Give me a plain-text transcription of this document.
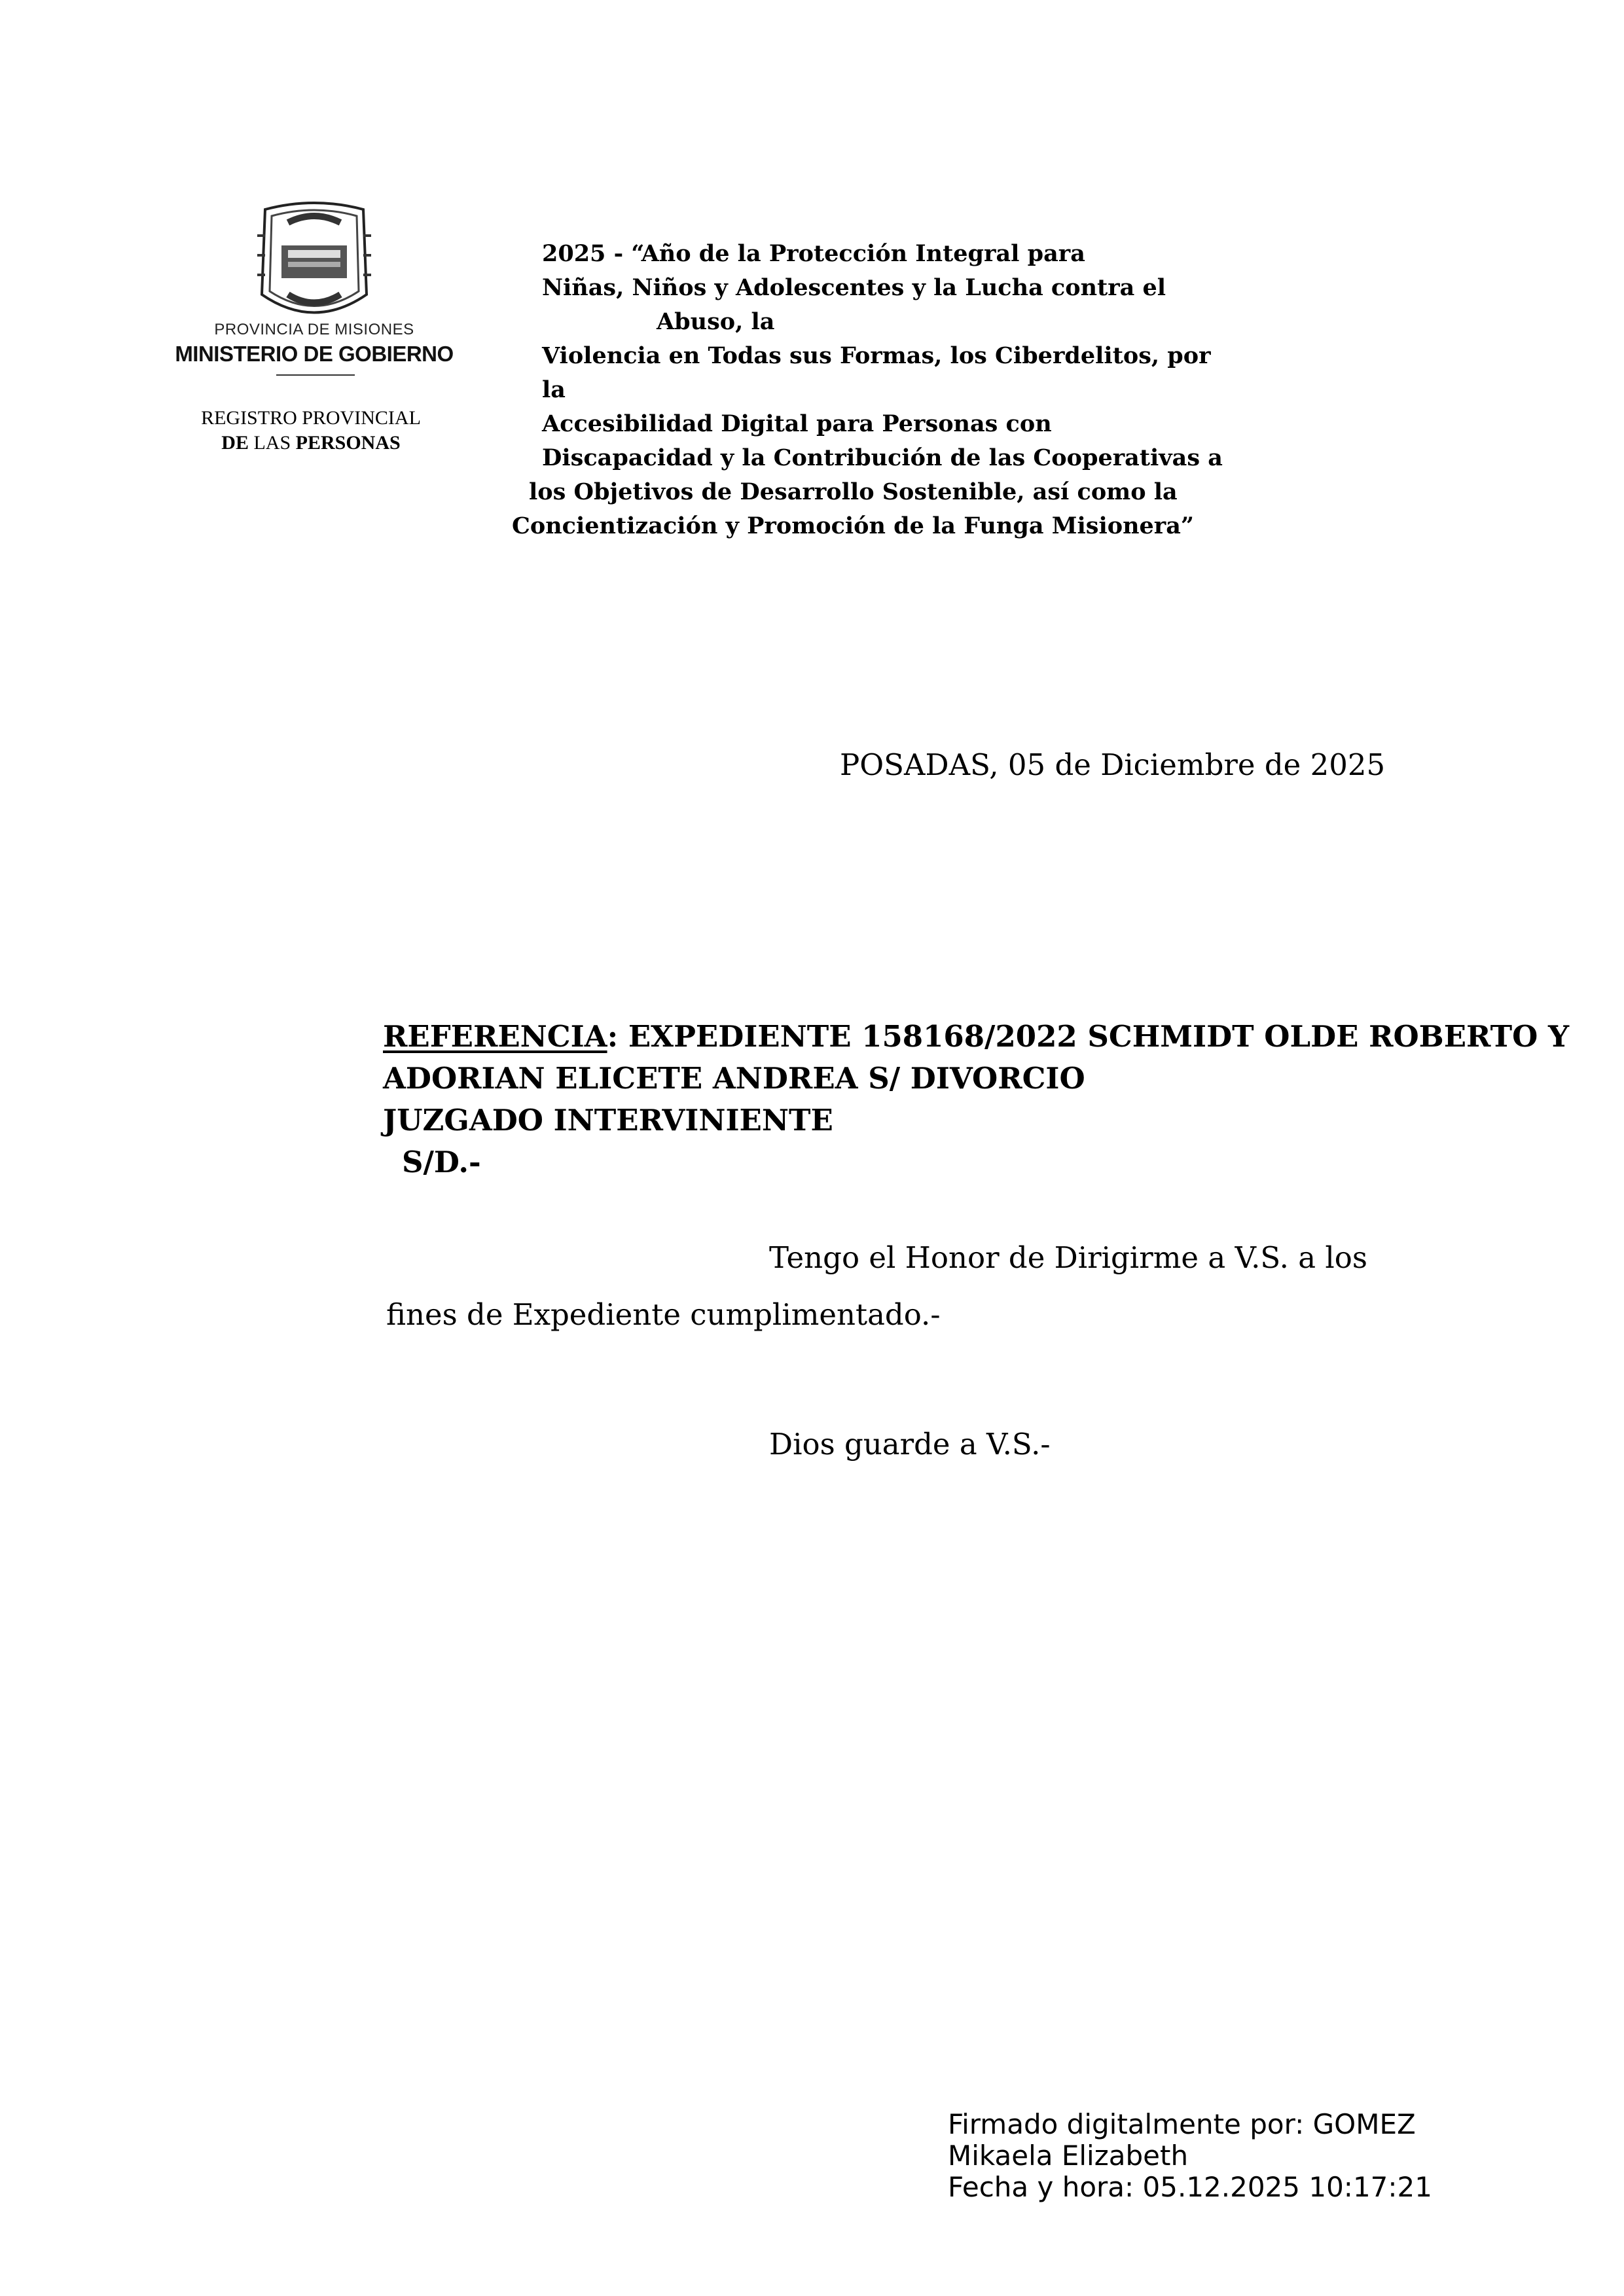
PROVINCIA DE MISIONES
MINISTERIO DE GOBIERNO
REGISTRO PROVINCIAL
DE LAS PERSONAS
2025 - “Año de la Protección Integral para
Niñas, Niños y Adolescentes y la Lucha contra el
Abuso, la
Violencia en Todas sus Formas, los Ciberdelitos, por
la
Accesibilidad Digital para Personas con
Discapacidad y la Contribución de las Cooperativas a
los Objetivos de Desarrollo Sostenible, así como la
Concientización y Promoción de la Funga Misionera”
POSADAS, 05 de Diciembre de 2025
REFERENCIA: EXPEDIENTE 158168/2022 SCHMIDT OLDE ROBERTO Y
ADORIAN ELICETE ANDREA S/ DIVORCIO
JUZGADO INTERVINIENTE
S/D.-
Tengo el Honor de Dirigirme a V.S. a los
fines de Expediente cumplimentado.-
Dios guarde a V.S.-
Firmado digitalmente por: GOMEZ
Mikaela Elizabeth
Fecha y hora: 05.12.2025 10:17:21
